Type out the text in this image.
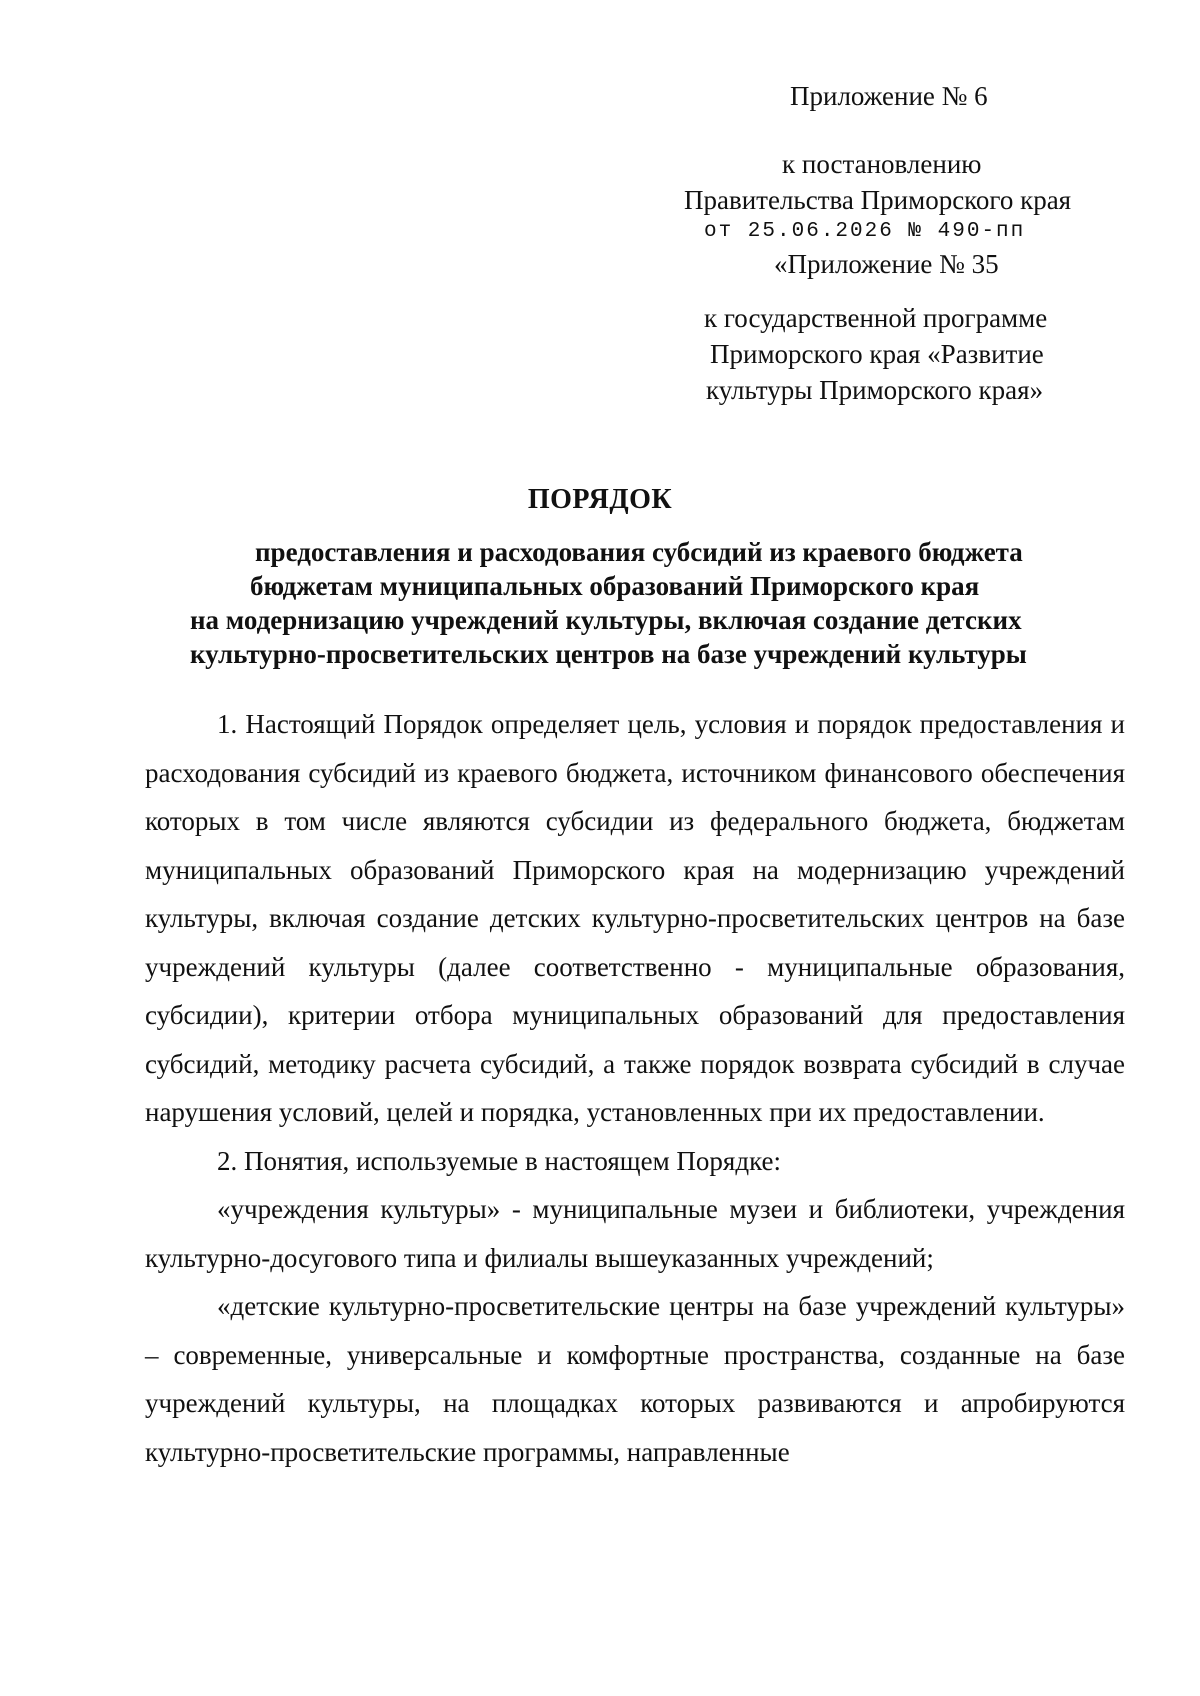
Приложение № 6
к постановлению
Правительства Приморского края
от 25.06.2026 № 490-пп
«Приложение № 35
к государственной программе
Приморского края «Развитие
культуры Приморского края»
ПОРЯДОК
предоставления и расходования субсидий из краевого бюджета
бюджетам муниципальных образований Приморского края
на модернизацию учреждений культуры, включая создание детских
культурно-просветительских центров на базе учреждений культуры

1. Настоящий Порядок определяет цель, условия и порядок предоставления и расходования субсидий из краевого бюджета, источником финансового обеспечения которых в том числе являются субсидии из федерального бюджета, бюджетам муниципальных образований Приморского края на модернизацию учреждений культуры, включая создание детских культурно-просветительских центров на базе учреждений культуры (далее соответственно - муниципальные образования, субсидии), критерии отбора муниципальных образований для предоставления субсидий, методику расчета субсидий, а также порядок возврата субсидий в случае нарушения условий, целей и порядка, установленных при их предоставлении.

2. Понятия, используемые в настоящем Порядке:

«учреждения культуры» - муниципальные музеи и библиотеки, учреждения культурно-досугового типа и филиалы вышеуказанных учреждений;

«детские культурно-просветительские центры на базе учреждений культуры» – современные, универсальные и комфортные пространства, созданные на базе учреждений культуры, на площадках которых развиваются и апробируются культурно-просветительские программы, направленные
